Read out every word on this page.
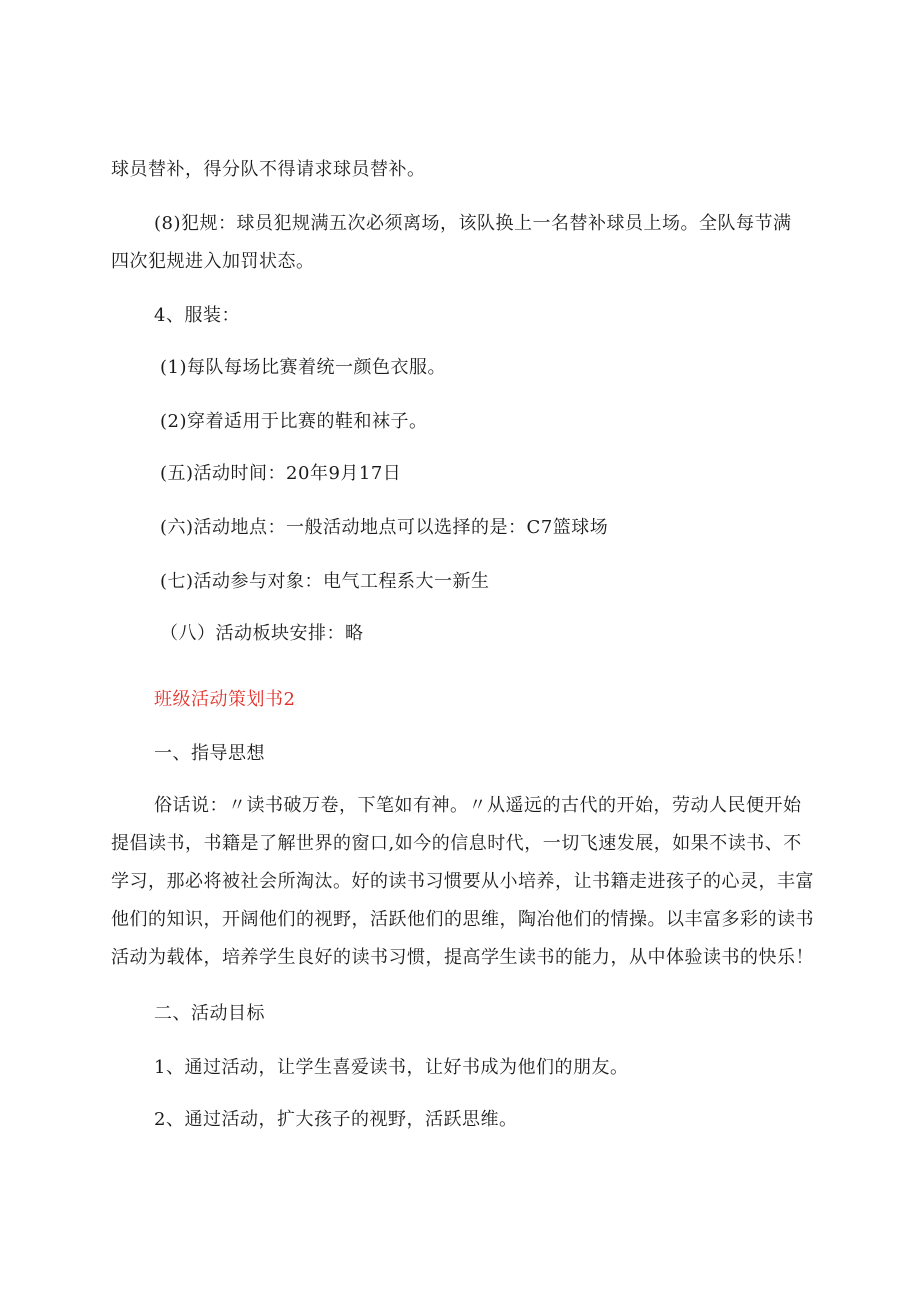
球员替补，得分队不得请求球员替补。

(8)犯规：球员犯规满五次必须离场，该队换上一名替补球员上场。全队每节满

四次犯规进入加罚状态。

4、服装：

(1)每队每场比赛着统一颜色衣服。

(2)穿着适用于比赛的鞋和袜子。

(五)活动时间：20年9月17日

(六)活动地点：一般活动地点可以选择的是：C7篮球场

(七)活动参与对象：电气工程系大一新生

（八）活动板块安排：略

班级活动策划书2

一、指导思想

俗话说：〃读书破万卷，下笔如有神。〃从遥远的古代的开始，劳动人民便开始

提倡读书，书籍是了解世界的窗口,如今的信息时代，一切飞速发展，如果不读书、不

学习，那必将被社会所淘汰。好的读书习惯要从小培养，让书籍走进孩子的心灵，丰富

他们的知识，开阔他们的视野，活跃他们的思维，陶冶他们的情操。以丰富多彩的读书

活动为载体，培养学生良好的读书习惯，提高学生读书的能力，从中体验读书的快乐！

二、活动目标

1、通过活动，让学生喜爱读书，让好书成为他们的朋友。

2、通过活动，扩大孩子的视野，活跃思维。
